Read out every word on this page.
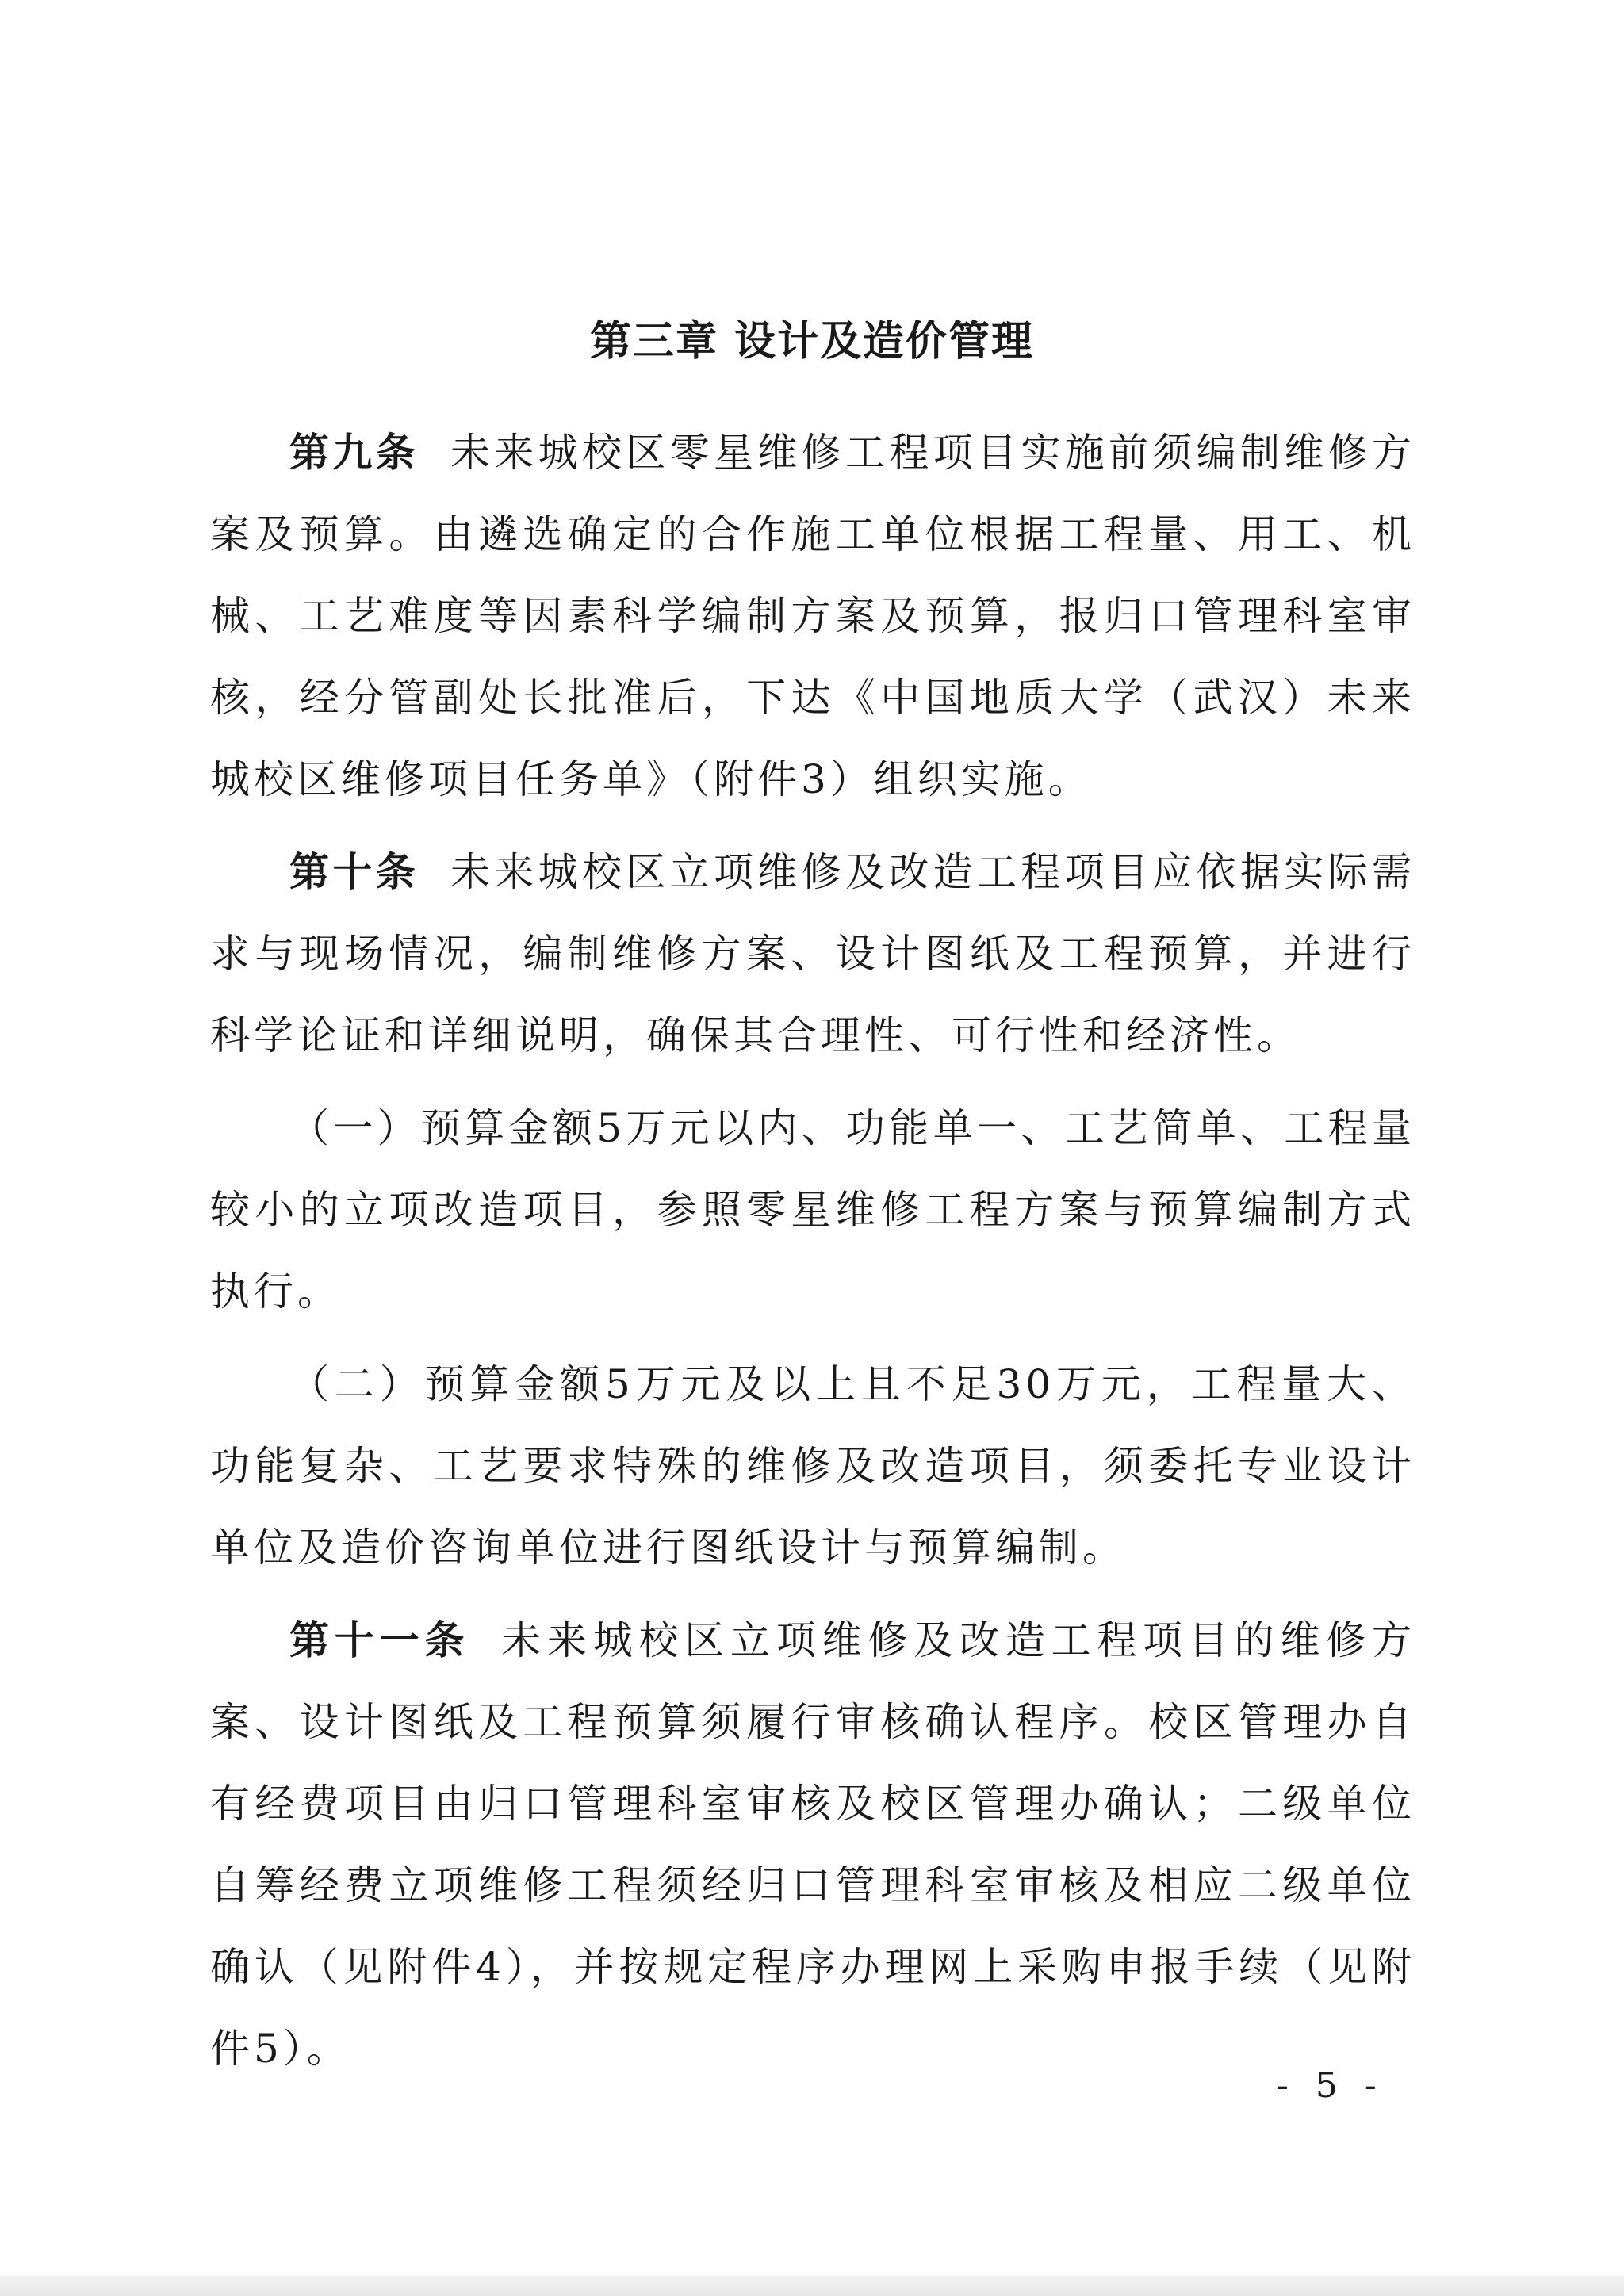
第三章 设计及造价管理

第九条 未来城校区零星维修工程项目实施前须编制维修方案及预算。由遴选确定的合作施工单位根据工程量、用工、机械、工艺难度等因素科学编制方案及预算，报归口管理科室审核，经分管副处长批准后，下达《中国地质大学（武汉）未来城校区维修项目任务单》（附件3）组织实施。

第十条 未来城校区立项维修及改造工程项目应依据实际需求与现场情况，编制维修方案、设计图纸及工程预算，并进行科学论证和详细说明，确保其合理性、可行性和经济性。

（一）预算金额5万元以内、功能单一、工艺简单、工程量较小的立项改造项目，参照零星维修工程方案与预算编制方式执行。

（二）预算金额5万元及以上且不足30万元，工程量大、功能复杂、工艺要求特殊的维修及改造项目，须委托专业设计单位及造价咨询单位进行图纸设计与预算编制。

第十一条 未来城校区立项维修及改造工程项目的维修方案、设计图纸及工程预算须履行审核确认程序。校区管理办自有经费项目由归口管理科室审核及校区管理办确认；二级单位自筹经费立项维修工程须经归口管理科室审核及相应二级单位确认（见附件4），并按规定程序办理网上采购申报手续（见附件5）。

- 5 -
